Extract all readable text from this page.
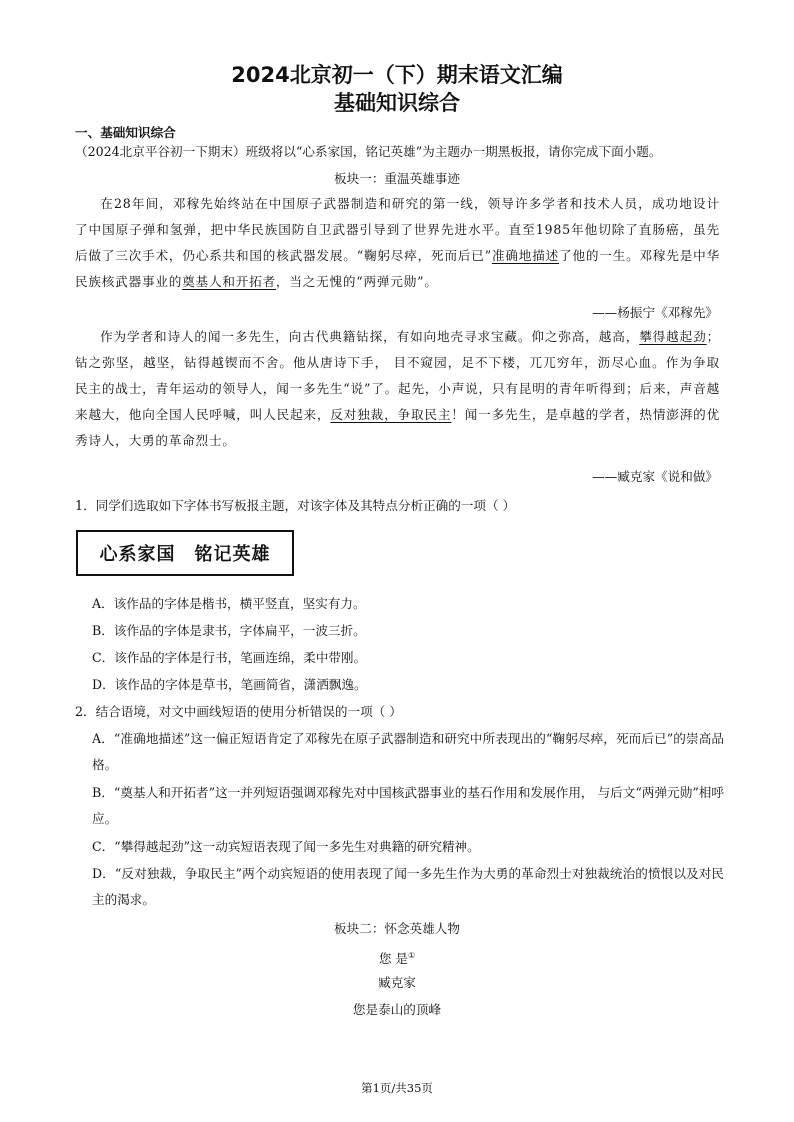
2024北京初一（下）期末语文汇编
基础知识综合
一、基础知识综合
（2024北京平谷初一下期末）班级将以“心系家国，铭记英雄”为主题办一期黑板报，请你完成下面小题。
板块一：重温英雄事迹
在28年间，邓稼先始终站在中国原子武器制造和研究的第一线，领导许多学者和技术人员，成功地设计了中国原子弹和氢弹，把中华民族国防自卫武器引导到了世界先进水平。直至1985年他切除了直肠癌，虽先后做了三次手术，仍心系共和国的核武器发展。“鞠躬尽瘁，死而后已”准确地描述了他的一生。邓稼先是中华民族核武器事业的奠基人和开拓者，当之无愧的“两弹元勋”。
——杨振宁《邓稼先》
作为学者和诗人的闻一多先生，向古代典籍钻探，有如向地壳寻求宝藏。仰之弥高，越高，攀得越起劲；钻之弥坚，越坚，钻得越锲而不舍。他从唐诗下手， 目不窥园，足不下楼，兀兀穷年，沥尽心血。作为争取民主的战士，青年运动的领导人，闻一多先生“说”了。起先，小声说，只有昆明的青年听得到；后来，声音越来越大，他向全国人民呼喊，叫人民起来，反对独裁，争取民主！闻一多先生，是卓越的学者，热情澎湃的优秀诗人，大勇的革命烈士。
——臧克家《说和做》
1．同学们选取如下字体书写板报主题，对该字体及其特点分析正确的一项（ ）
心系家国　铭记英雄
A．该作品的字体是楷书，横平竖直，坚实有力。
B．该作品的字体是隶书，字体扁平，一波三折。
C．该作品的字体是行书，笔画连绵，柔中带刚。
D．该作品的字体是草书，笔画简省，潇洒飘逸。
2．结合语境，对文中画线短语的使用分析错误的一项（ ）
A．“准确地描述”这一偏正短语肯定了邓稼先在原子武器制造和研究中所表现出的“鞠躬尽瘁，死而后已”的崇高品格。
B．“奠基人和开拓者”这一并列短语强调邓稼先对中国核武器事业的基石作用和发展作用， 与后文“两弹元勋”相呼应。
C．“攀得越起劲”这一动宾短语表现了闻一多先生对典籍的研究精神。
D．“反对独裁，争取民主”两个动宾短语的使用表现了闻一多先生作为大勇的革命烈士对独裁统治的愤恨以及对民主的渴求。
板块二：怀念英雄人物
您 是①
臧克家
您是泰山的顶峰
第1页/共35页
